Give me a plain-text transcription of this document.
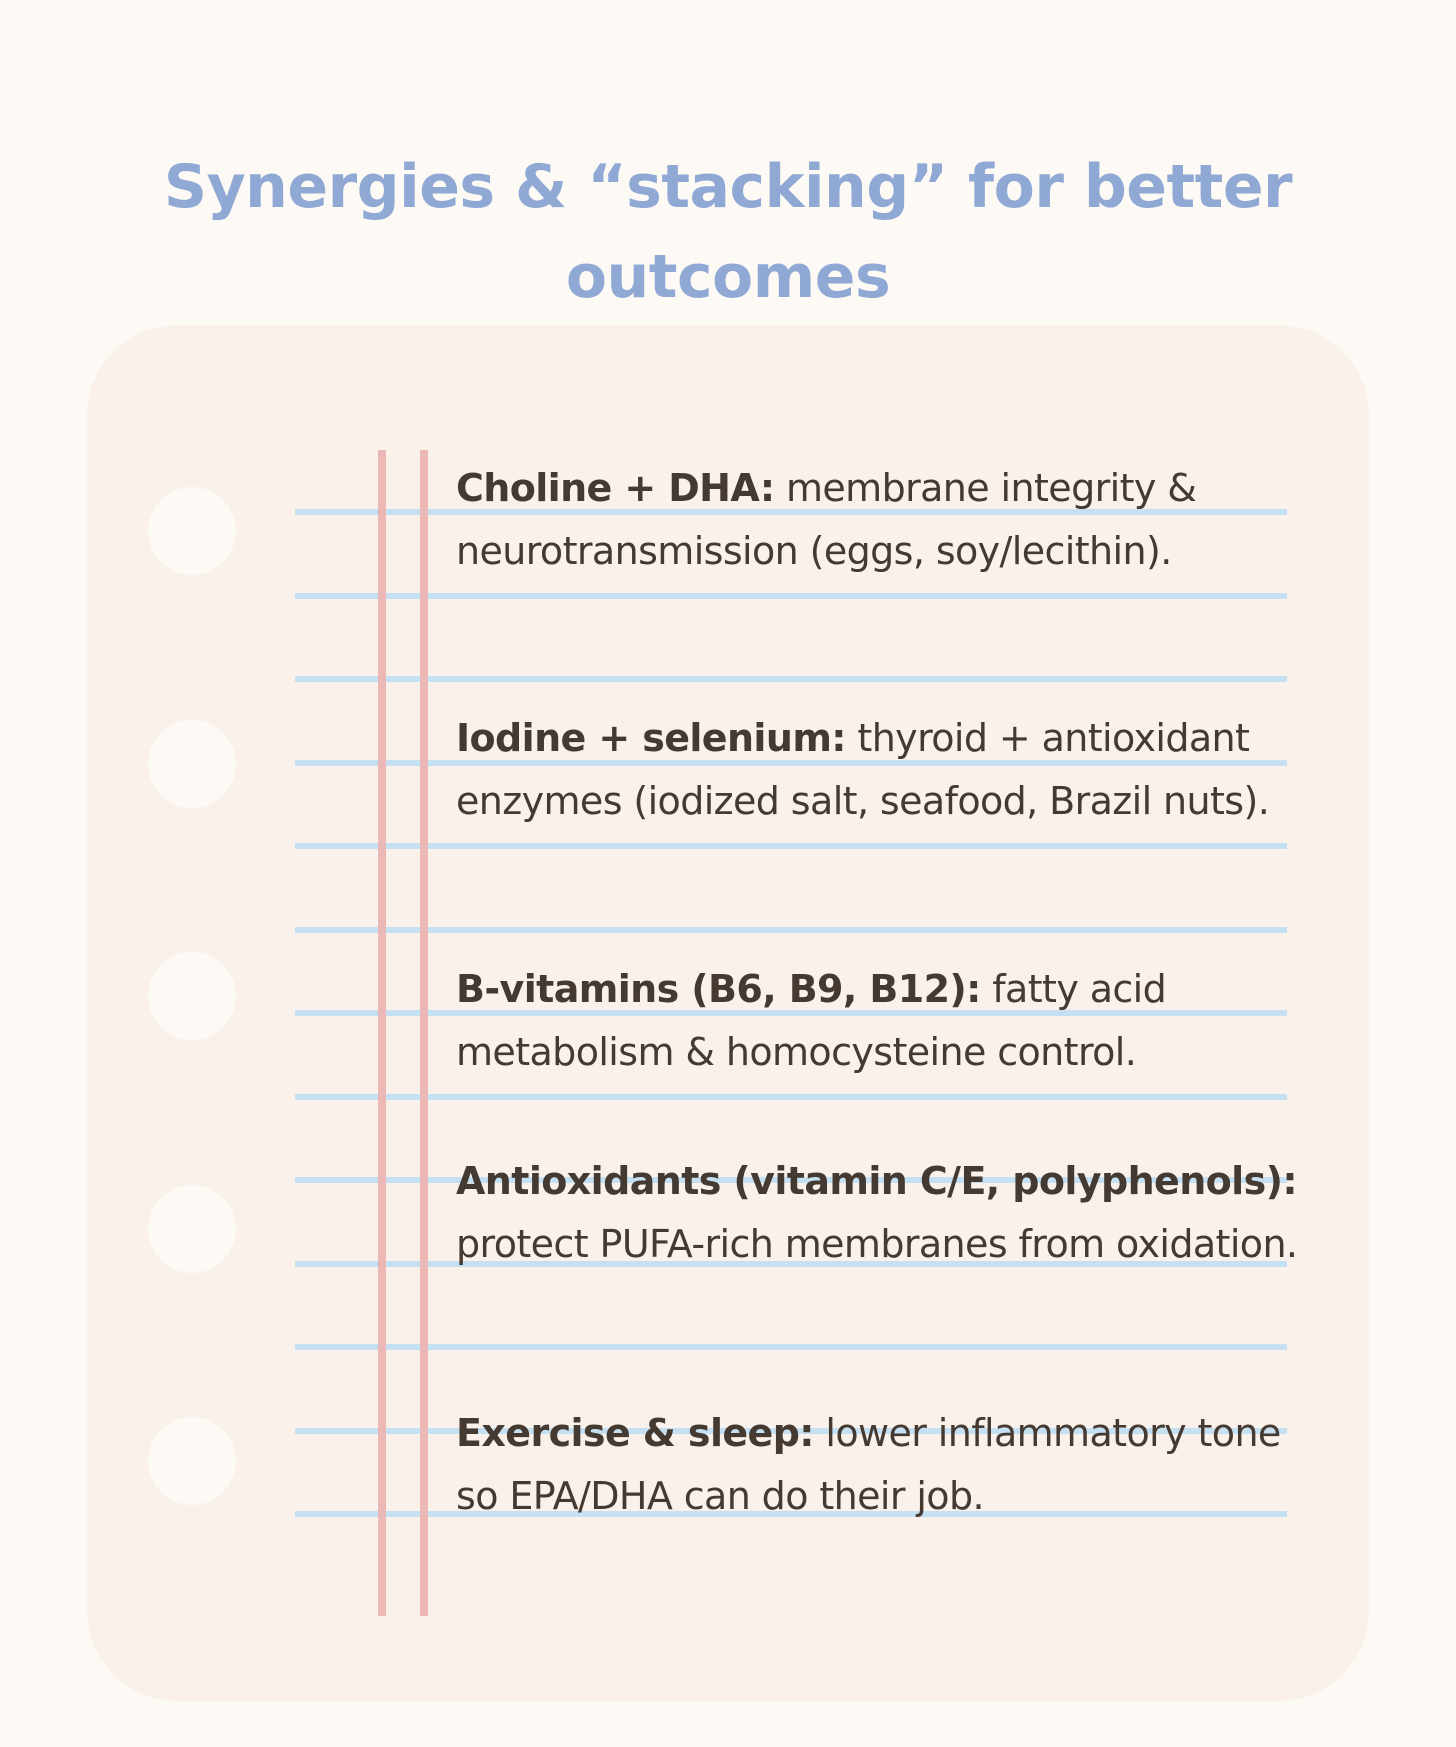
Synergies & “stacking” for better
outcomes
Choline + DHA: membrane integrity & neurotransmission (eggs, soy/lecithin).
Iodine + selenium: thyroid + antioxidant enzymes (iodized salt, seafood, Brazil nuts).
B-vitamins (B6, B9, B12): fatty acid metabolism & homocysteine control.
Antioxidants (vitamin C/E, polyphenols): protect PUFA-rich membranes from oxidation.
Exercise & sleep: lower inflammatory tone so EPA/DHA can do their job.
